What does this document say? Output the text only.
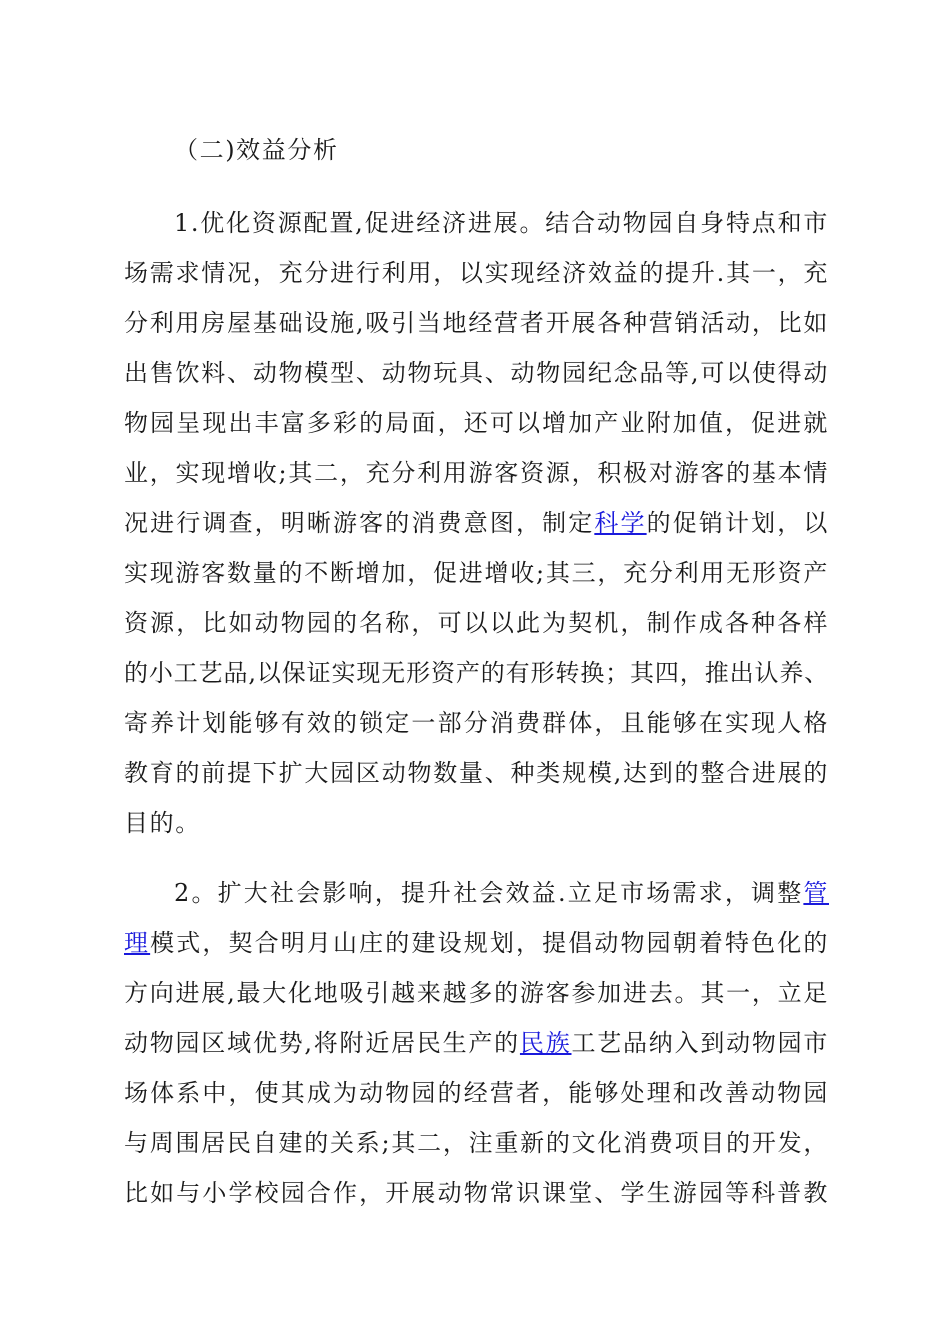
（二)效益分析
1.优化资源配置,促进经济进展。结合动物园自身特点和市
场需求情况，充分进行利用，以实现经济效益的提升.其一，充
分利用房屋基础设施,吸引当地经营者开展各种营销活动，比如
出售饮料、动物模型、动物玩具、动物园纪念品等,可以使得动
物园呈现出丰富多彩的局面，还可以增加产业附加值，促进就
业，实现增收;其二，充分利用游客资源，积极对游客的基本情
况进行调查，明晰游客的消费意图，制定科学的促销计划，以
实现游客数量的不断增加，促进增收;其三，充分利用无形资产
资源，比如动物园的名称，可以以此为契机，制作成各种各样
的小工艺品,以保证实现无形资产的有形转换；其四，推出认养、
寄养计划能够有效的锁定一部分消费群体，且能够在实现人格
教育的前提下扩大园区动物数量、种类规模,达到的整合进展的
目的。
2。扩大社会影响，提升社会效益.立足市场需求，调整管
理模式，契合明月山庄的建设规划，提倡动物园朝着特色化的
方向进展,最大化地吸引越来越多的游客参加进去。其一，立足
动物园区域优势,将附近居民生产的民族工艺品纳入到动物园市
场体系中，使其成为动物园的经营者，能够处理和改善动物园
与周围居民自建的关系;其二，注重新的文化消费项目的开发，
比如与小学校园合作，开展动物常识课堂、学生游园等科普教
